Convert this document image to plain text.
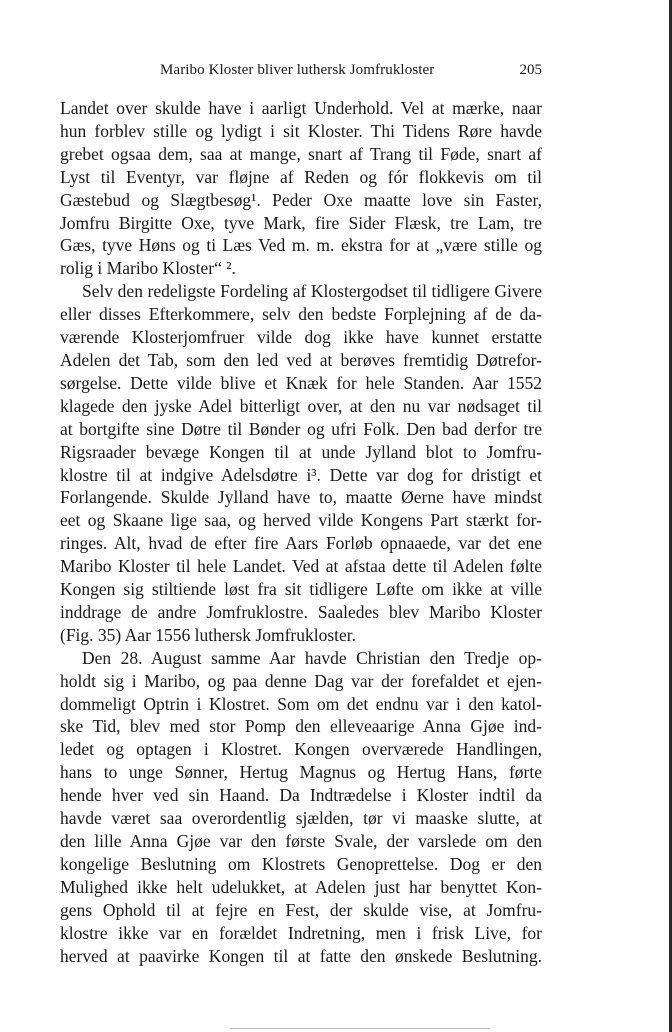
Maribo Kloster bliver luthersk Jomfrukloster	205
Landet over skulde have i aarligt Underhold. Vel at mærke, naar
hun forblev stille og lydigt i sit Kloster. Thi Tidens Røre havde
grebet ogsaa dem, saa at mange, snart af Trang til Føde, snart af
Lyst til Eventyr, var fløjne af Reden og fór flokkevis om til
Gæstebud og Slægtbesøg¹. Peder Oxe maatte love sin Faster,
Jomfru Birgitte Oxe, tyve Mark, fire Sider Flæsk, tre Lam, tre
Gæs, tyve Høns og ti Læs Ved m. m. ekstra for at „være stille og
rolig i Maribo Kloster“ ².
Selv den redeligste Fordeling af Klostergodset til tidligere Givere
eller disses Efterkommere, selv den bedste Forplejning af de da-
værende Klosterjomfruer vilde dog ikke have kunnet erstatte
Adelen det Tab, som den led ved at berøves fremtidig Døtrefor-
sørgelse. Dette vilde blive et Knæk for hele Standen. Aar 1552
klagede den jyske Adel bitterligt over, at den nu var nødsaget til
at bortgifte sine Døtre til Bønder og ufri Folk. Den bad derfor tre
Rigsraader bevæge Kongen til at unde Jylland blot to Jomfru-
klostre til at indgive Adelsdøtre i³. Dette var dog for dristigt et
Forlangende. Skulde Jylland have to, maatte Øerne have mindst
eet og Skaane lige saa, og herved vilde Kongens Part stærkt for-
ringes. Alt, hvad de efter fire Aars Forløb opnaaede, var det ene
Maribo Kloster til hele Landet. Ved at afstaa dette til Adelen følte
Kongen sig stiltiende løst fra sit tidligere Løfte om ikke at ville
inddrage de andre Jomfruklostre. Saaledes blev Maribo Kloster
(Fig. 35) Aar 1556 luthersk Jomfrukloster.
Den 28. August samme Aar havde Christian den Tredje op-
holdt sig i Maribo, og paa denne Dag var der forefaldet et ejen-
dommeligt Optrin i Klostret. Som om det endnu var i den katol-
ske Tid, blev med stor Pomp den elleveaarige Anna Gjøe ind-
ledet og optagen i Klostret. Kongen overværede Handlingen,
hans to unge Sønner, Hertug Magnus og Hertug Hans, førte
hende hver ved sin Haand. Da Indtrædelse i Kloster indtil da
havde været saa overordentlig sjælden, tør vi maaske slutte, at
den lille Anna Gjøe var den første Svale, der varslede om den
kongelige Beslutning om Klostrets Genoprettelse. Dog er den
Mulighed ikke helt udelukket, at Adelen just har benyttet Kon-
gens Ophold til at fejre en Fest, der skulde vise, at Jomfru-
klostre ikke var en forældet Indretning, men i frisk Live, for
herved at paavirke Kongen til at fatte den ønskede Beslutning.
